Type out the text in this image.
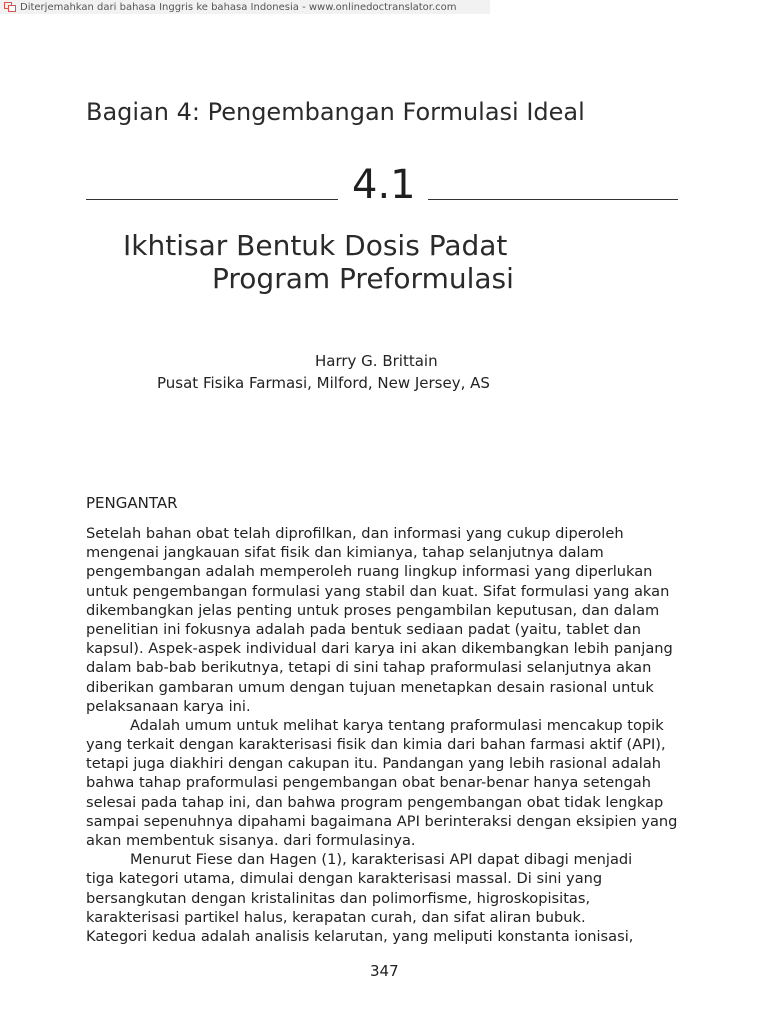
Diterjemahkan dari bahasa Inggris ke bahasa Indonesia - www.onlinedoctranslator.com
Bagian 4: Pengembangan Formulasi Ideal
4.1
Ikhtisar Bentuk Dosis Padat
Program Preformulasi
Harry G. Brittain
Pusat Fisika Farmasi, Milford, New Jersey, AS
PENGANTAR
Setelah bahan obat telah diprofilkan, dan informasi yang cukup diperoleh
mengenai jangkauan sifat fisik dan kimianya, tahap selanjutnya dalam
pengembangan adalah memperoleh ruang lingkup informasi yang diperlukan
untuk pengembangan formulasi yang stabil dan kuat. Sifat formulasi yang akan
dikembangkan jelas penting untuk proses pengambilan keputusan, dan dalam
penelitian ini fokusnya adalah pada bentuk sediaan padat (yaitu, tablet dan
kapsul). Aspek-aspek individual dari karya ini akan dikembangkan lebih panjang
dalam bab-bab berikutnya, tetapi di sini tahap praformulasi selanjutnya akan
diberikan gambaran umum dengan tujuan menetapkan desain rasional untuk
pelaksanaan karya ini.
Adalah umum untuk melihat karya tentang praformulasi mencakup topik
yang terkait dengan karakterisasi fisik dan kimia dari bahan farmasi aktif (API),
tetapi juga diakhiri dengan cakupan itu. Pandangan yang lebih rasional adalah
bahwa tahap praformulasi pengembangan obat benar-benar hanya setengah
selesai pada tahap ini, dan bahwa program pengembangan obat tidak lengkap
sampai sepenuhnya dipahami bagaimana API berinteraksi dengan eksipien yang
akan membentuk sisanya. dari formulasinya.
Menurut Fiese dan Hagen (1), karakterisasi API dapat dibagi menjadi
tiga kategori utama, dimulai dengan karakterisasi massal. Di sini yang
bersangkutan dengan kristalinitas dan polimorfisme, higroskopisitas,
karakterisasi partikel halus, kerapatan curah, dan sifat aliran bubuk.
Kategori kedua adalah analisis kelarutan, yang meliputi konstanta ionisasi,
347
